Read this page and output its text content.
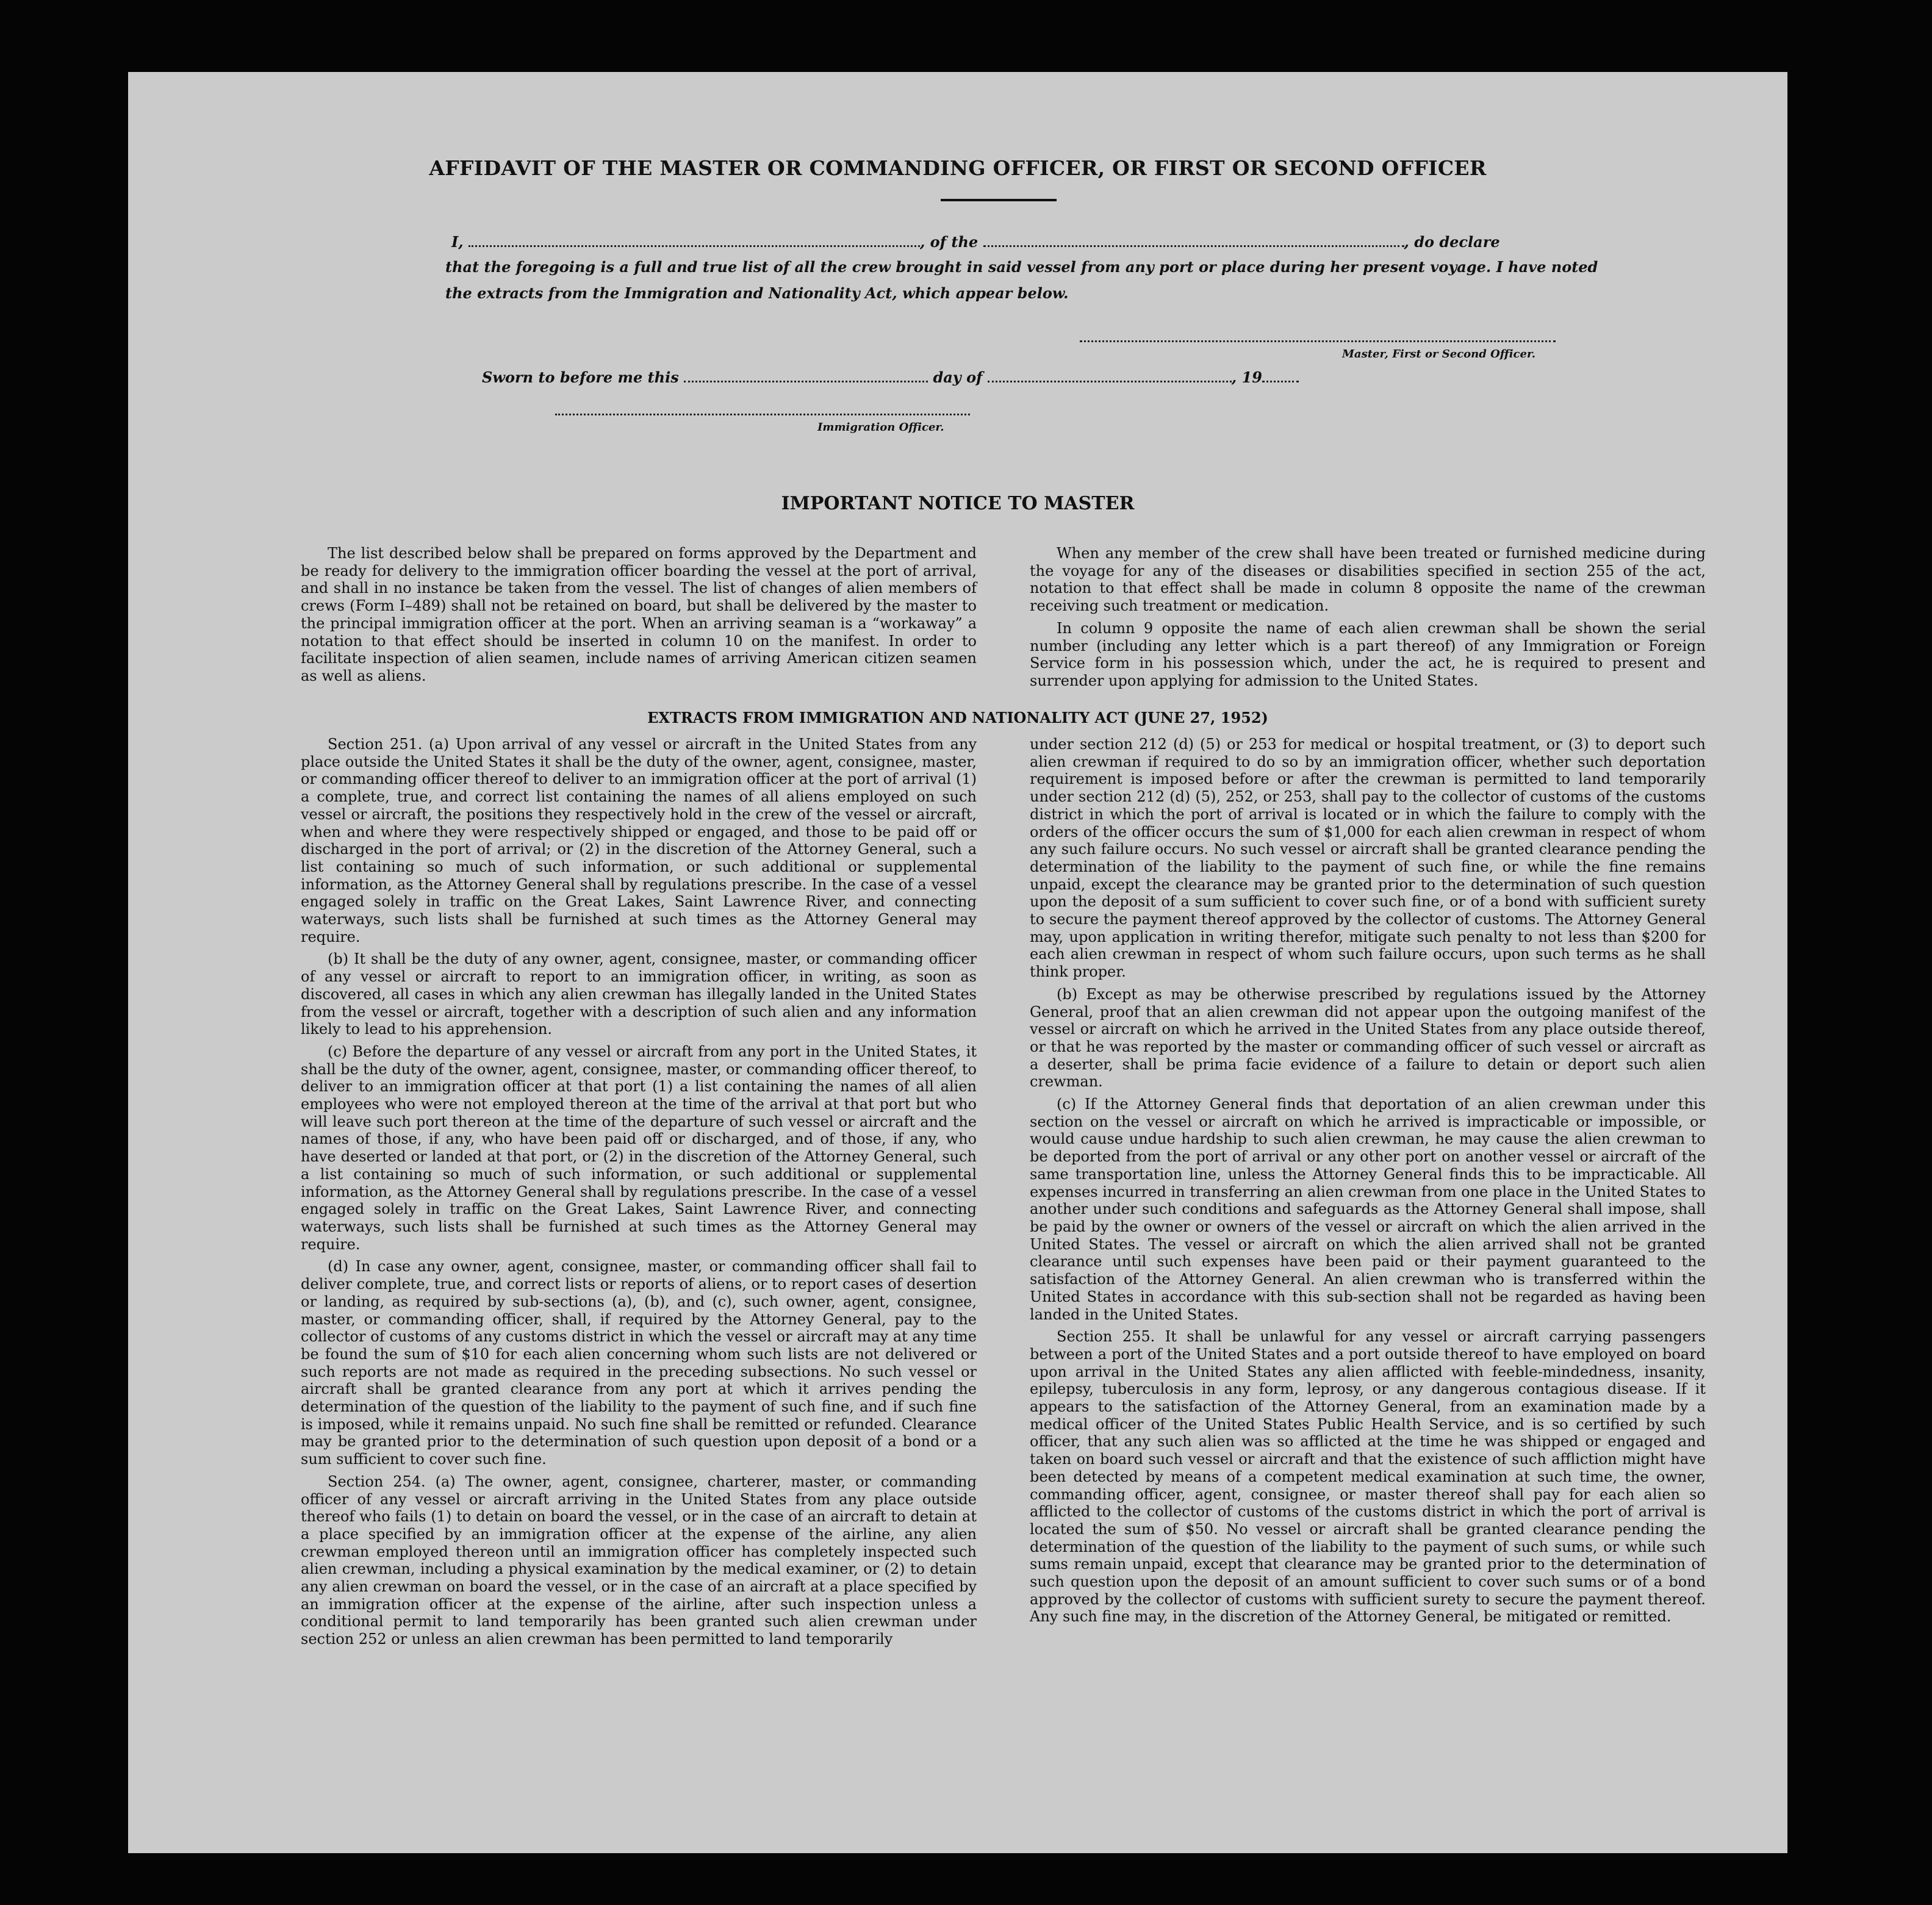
AFFIDAVIT OF THE MASTER OR COMMANDING OFFICER, OR FIRST OR SECOND OFFICER
I,	, of the	, do declare
that the foregoing is a full and true list of all the crew brought in said vessel from any port or place during her present voyage. I have noted
the extracts from the Immigration and Nationality Act, which appear below.
Master, First or Second Officer.
Sworn to before me this	day of	, 19
Immigration Officer.
IMPORTANT NOTICE TO MASTER

The list described below shall be prepared on forms approved by the Department and be ready for delivery to the immigration officer boarding the vessel at the port of arrival, and shall in no instance be taken from the vessel. The list of changes of alien members of crews (Form I–489) shall not be retained on board, but shall be delivered by the master to the principal immigration officer at the port. When an arriving seaman is a “workaway” a notation to that effect should be inserted in column 10 on the manifest. In order to facilitate inspection of alien seamen, include names of arriving American citizen seamen as well as aliens.

When any member of the crew shall have been treated or furnished medicine during the voyage for any of the diseases or disabilities specified in section 255 of the act, notation to that effect shall be made in column 8 opposite the name of the crewman receiving such treatment or medication.

In column 9 opposite the name of each alien crewman shall be shown the serial number (including any letter which is a part thereof) of any Immigration or Foreign Service form in his possession which, under the act, he is required to present and surrender upon applying for admission to the United States.

EXTRACTS FROM IMMIGRATION AND NATIONALITY ACT (JUNE 27, 1952)

Section 251. (a) Upon arrival of any vessel or aircraft in the United States from any place outside the United States it shall be the duty of the owner, agent, consignee, master, or commanding officer thereof to deliver to an immigration officer at the port of arrival (1) a complete, true, and correct list containing the names of all aliens employed on such vessel or aircraft, the positions they respectively hold in the crew of the vessel or aircraft, when and where they were respectively shipped or engaged, and those to be paid off or discharged in the port of arrival; or (2) in the discretion of the Attorney General, such a list containing so much of such information, or such additional or supplemental information, as the Attorney General shall by regulations prescribe. In the case of a vessel engaged solely in traffic on the Great Lakes, Saint Lawrence River, and connecting waterways, such lists shall be furnished at such times as the Attorney General may require.

(b) It shall be the duty of any owner, agent, consignee, master, or commanding officer of any vessel or aircraft to report to an immigration officer, in writing, as soon as discovered, all cases in which any alien crewman has illegally landed in the United States from the vessel or aircraft, together with a description of such alien and any information likely to lead to his apprehension.

(c) Before the departure of any vessel or aircraft from any port in the United States, it shall be the duty of the owner, agent, consignee, master, or commanding officer thereof, to deliver to an immigration officer at that port (1) a list containing the names of all alien employees who were not employed thereon at the time of the arrival at that port but who will leave such port thereon at the time of the departure of such vessel or aircraft and the names of those, if any, who have been paid off or discharged, and of those, if any, who have deserted or landed at that port, or (2) in the discretion of the Attorney General, such a list containing so much of such information, or such additional or supplemental information, as the Attorney General shall by regulations prescribe. In the case of a vessel engaged solely in traffic on the Great Lakes, Saint Lawrence River, and connecting waterways, such lists shall be furnished at such times as the Attorney General may require.

(d) In case any owner, agent, consignee, master, or commanding officer shall fail to deliver complete, true, and correct lists or reports of aliens, or to report cases of desertion or landing, as required by sub-sections (a), (b), and (c), such owner, agent, consignee, master, or commanding officer, shall, if required by the Attorney General, pay to the collector of customs of any customs district in which the vessel or aircraft may at any time be found the sum of $10 for each alien concerning whom such lists are not delivered or such reports are not made as required in the preceding subsections. No such vessel or aircraft shall be granted clearance from any port at which it arrives pending the determination of the question of the liability to the payment of such fine, and if such fine is imposed, while it remains unpaid. No such fine shall be remitted or refunded. Clearance may be granted prior to the determination of such question upon deposit of a bond or a sum sufficient to cover such fine.

Section 254. (a) The owner, agent, consignee, charterer, master, or commanding officer of any vessel or aircraft arriving in the United States from any place outside thereof who fails (1) to detain on board the vessel, or in the case of an aircraft to detain at a place specified by an immigration officer at the expense of the airline, any alien crewman employed thereon until an immigration officer has completely inspected such alien crewman, including a physical examination by the medical examiner, or (2) to detain any alien crewman on board the vessel, or in the case of an aircraft at a place specified by an immigration officer at the expense of the airline, after such inspection unless a conditional permit to land temporarily has been granted such alien crewman under section 252 or unless an alien crewman has been permitted to land temporarily

under section 212 (d) (5) or 253 for medical or hospital treatment, or (3) to deport such alien crewman if required to do so by an immigration officer, whether such deportation requirement is imposed before or after the crewman is permitted to land temporarily under section 212 (d) (5), 252, or 253, shall pay to the collector of customs of the customs district in which the port of arrival is located or in which the failure to comply with the orders of the officer occurs the sum of $1,000 for each alien crewman in respect of whom any such failure occurs. No such vessel or aircraft shall be granted clearance pending the determination of the liability to the payment of such fine, or while the fine remains unpaid, except the clearance may be granted prior to the determination of such question upon the deposit of a sum sufficient to cover such fine, or of a bond with sufficient surety to secure the payment thereof approved by the collector of customs. The Attorney General may, upon application in writing therefor, mitigate such penalty to not less than $200 for each alien crewman in respect of whom such failure occurs, upon such terms as he shall think proper.

(b) Except as may be otherwise prescribed by regulations issued by the Attorney General, proof that an alien crewman did not appear upon the outgoing manifest of the vessel or aircraft on which he arrived in the United States from any place outside thereof, or that he was reported by the master or commanding officer of such vessel or aircraft as a deserter, shall be prima facie evidence of a failure to detain or deport such alien crewman.

(c) If the Attorney General finds that deportation of an alien crewman under this section on the vessel or aircraft on which he arrived is impracticable or impossible, or would cause undue hardship to such alien crewman, he may cause the alien crewman to be deported from the port of arrival or any other port on another vessel or aircraft of the same transportation line, unless the Attorney General finds this to be impracticable. All expenses incurred in transferring an alien crewman from one place in the United States to another under such conditions and safeguards as the Attorney General shall impose, shall be paid by the owner or owners of the vessel or aircraft on which the alien arrived in the United States. The vessel or aircraft on which the alien arrived shall not be granted clearance until such expenses have been paid or their payment guaranteed to the satisfaction of the Attorney General. An alien crewman who is transferred within the United States in accordance with this sub-section shall not be regarded as having been landed in the United States.

Section 255. It shall be unlawful for any vessel or aircraft carrying passengers between a port of the United States and a port outside thereof to have employed on board upon arrival in the United States any alien afflicted with feeble-mindedness, insanity, epilepsy, tuberculosis in any form, leprosy, or any dangerous contagious disease. If it appears to the satisfaction of the Attorney General, from an examination made by a medical officer of the United States Public Health Service, and is so certified by such officer, that any such alien was so afflicted at the time he was shipped or engaged and taken on board such vessel or aircraft and that the existence of such affliction might have been detected by means of a competent medical examination at such time, the owner, commanding officer, agent, consignee, or master thereof shall pay for each alien so afflicted to the collector of customs of the customs district in which the port of arrival is located the sum of $50. No vessel or aircraft shall be granted clearance pending the determination of the question of the liability to the payment of such sums, or while such sums remain unpaid, except that clearance may be granted prior to the determination of such question upon the deposit of an amount sufficient to cover such sums or of a bond approved by the collector of customs with sufficient surety to secure the payment thereof. Any such fine may, in the discretion of the Attorney General, be mitigated or remitted.
